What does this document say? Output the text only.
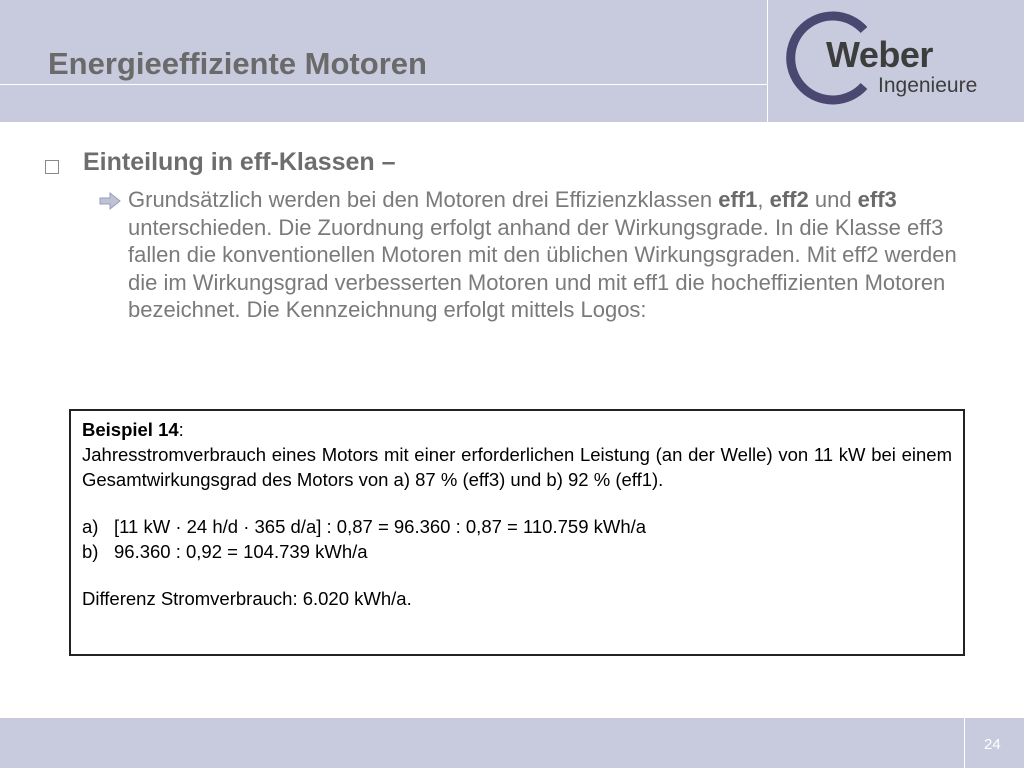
Energieeffiziente Motoren	Weber
Ingenieure
Einteilung in eff-Klassen –
Grundsätzlich werden bei den Motoren drei Effizienzklassen eff1, eff2 und eff3 unterschieden. Die Zuordnung erfolgt anhand der Wirkungsgrade. In die Klasse eff3 fallen die konventionellen Motoren mit den üblichen Wirkungsgraden. Mit eff2 werden die im Wirkungsgrad verbesserten Motoren und mit eff1 die hocheffizienten Motoren bezeichnet. Die Kennzeichnung erfolgt mittels Logos:
Beispiel 14:
Jahresstromverbrauch eines Motors mit einer erforderlichen Leistung (an der Welle) von 11 kW bei einem Gesamtwirkungsgrad des Motors von a) 87 % (eff3) und b) 92 % (eff1).
a) [11 kW · 24 h/d · 365 d/a] : 0,87 = 96.360 : 0,87 = 110.759 kWh/a
b) 96.360 : 0,92 = 104.739 kWh/a
Differenz Stromverbrauch: 6.020 kWh/a.
24
